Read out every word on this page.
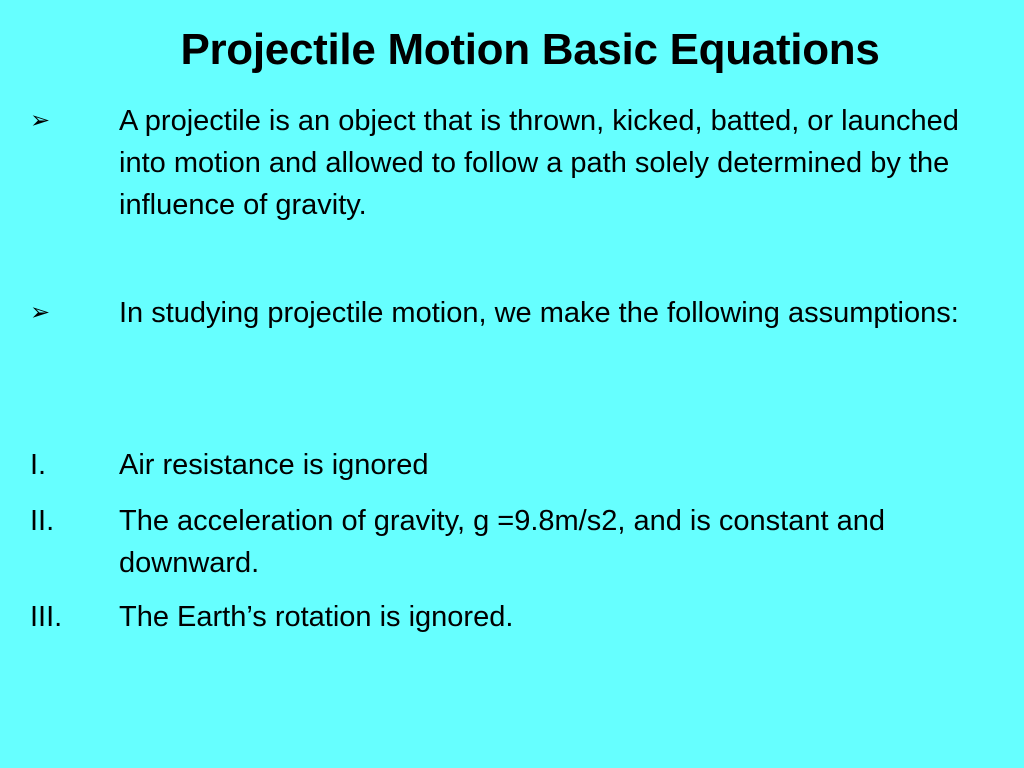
Projectile Motion Basic Equations
➢ A projectile is an object that is thrown, kicked, batted, or launched into motion and allowed to follow a path solely determined by the influence of gravity.
➢ In studying projectile motion, we make the following assumptions:
I.	Air resistance is ignored
II. The acceleration of gravity, g =9.8m/s2, and is constant and downward.
III. The Earth’s rotation is ignored.
